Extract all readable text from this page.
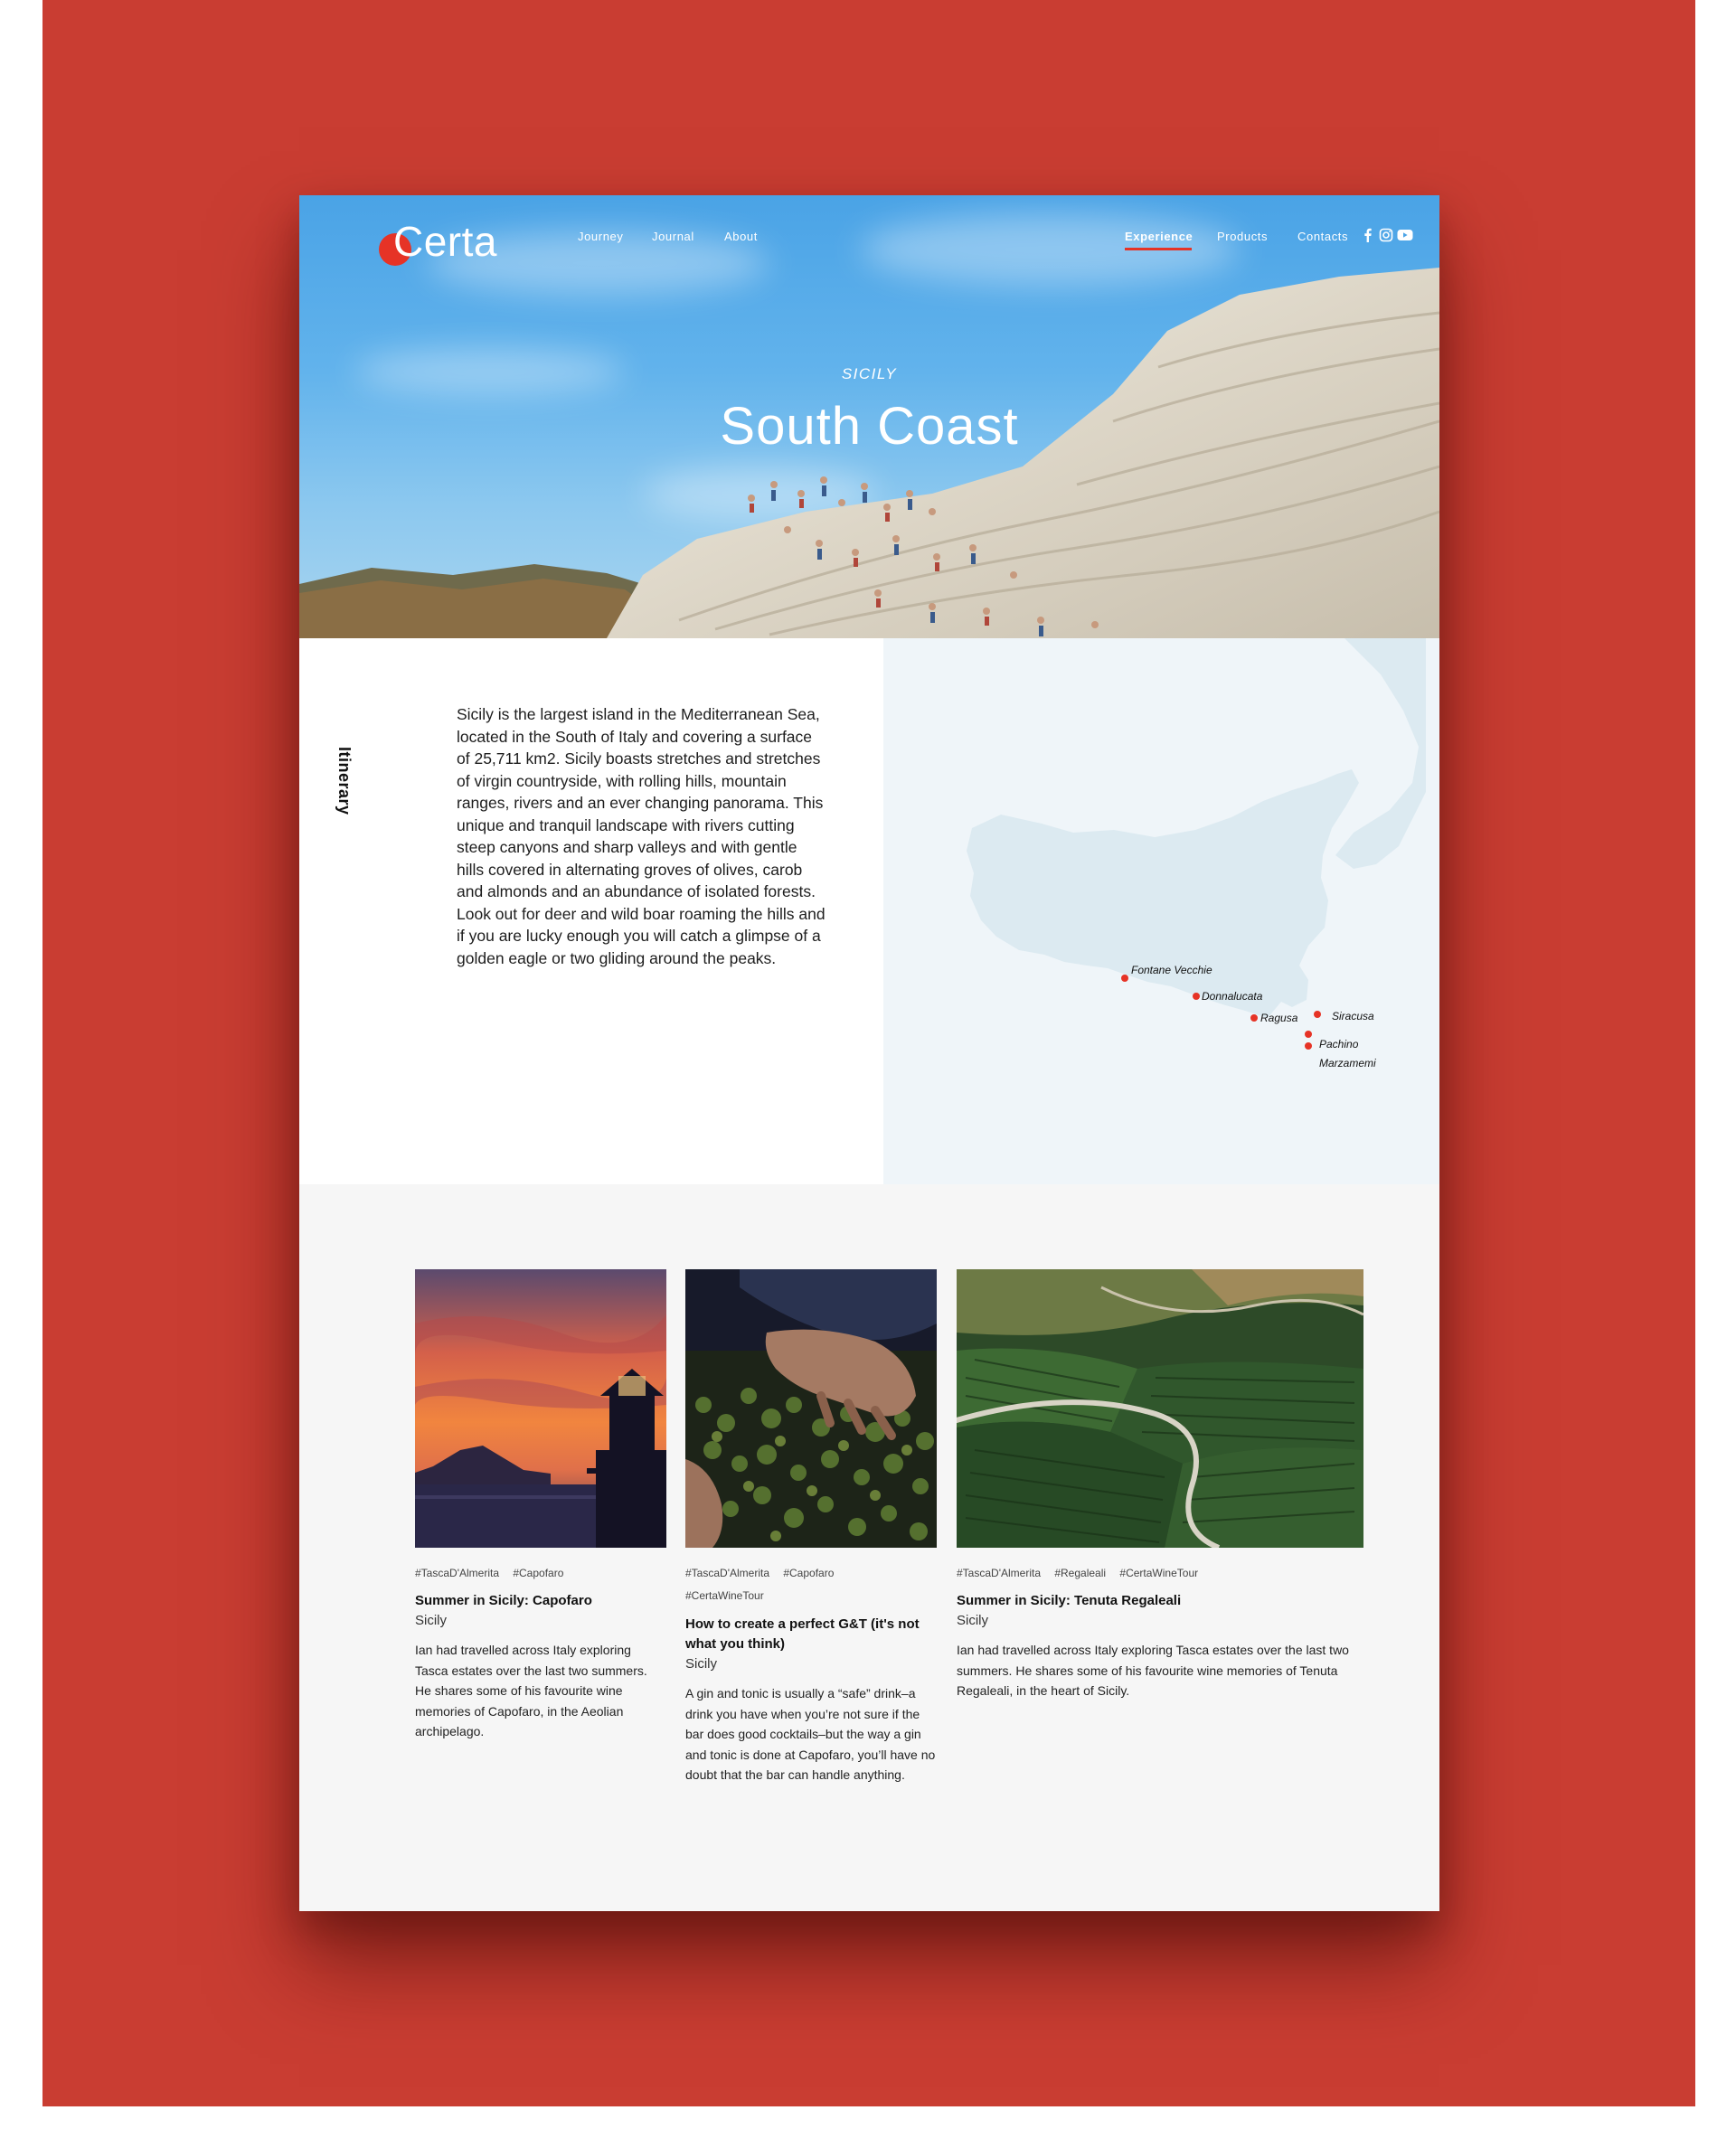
Certa	Journey Journal	About	Experience Products	Contacts
SICILY
South Coast
Itinerary

Sicily is the largest island in the Mediterranean Sea, located in the South of Italy and covering a surface of 25,711 km2. Sicily boasts stretches and stretches of virgin countryside, with rolling hills, mountain ranges, rivers and an ever changing panorama. This unique and tranquil landscape with rivers cutting steep canyons and sharp valleys and with gentle hills covered in alternating groves of olives, carob and almonds and an abundance of isolated forests.
Look out for deer and wild boar roaming the hills and if you are lucky enough you will catch a glimpse of a golden eagle or two gliding around the peaks.

Fontane Vecchie
Donnalucata
Ragusa	Siracusa
Pachino
Marzamemi
#TascaD'Almerita #Capofaro

Summer in Sicily: Capofaro

Sicily

Ian had travelled across Italy exploring Tasca estates over the last two summers. He shares some of his favourite wine memories of Capofaro, in the Aeolian archipelago.

#TascaD'Almerita #Capofaro
#CertaWineTour

How to create a perfect G&T (it's not what you think)

Sicily

A gin and tonic is usually a “safe” drink–a drink you have when you’re not sure if the bar does good cocktails–but the way a gin and tonic is done at Capofaro, you’ll have no doubt that the bar can handle anything.

#TascaD'Almerita #Regaleali #CertaWineTour

Summer in Sicily: Tenuta Regaleali

Sicily

Ian had travelled across Italy exploring Tasca estates over the last two summers. He shares some of his favourite wine memories of Tenuta Regaleali, in the heart of Sicily.
